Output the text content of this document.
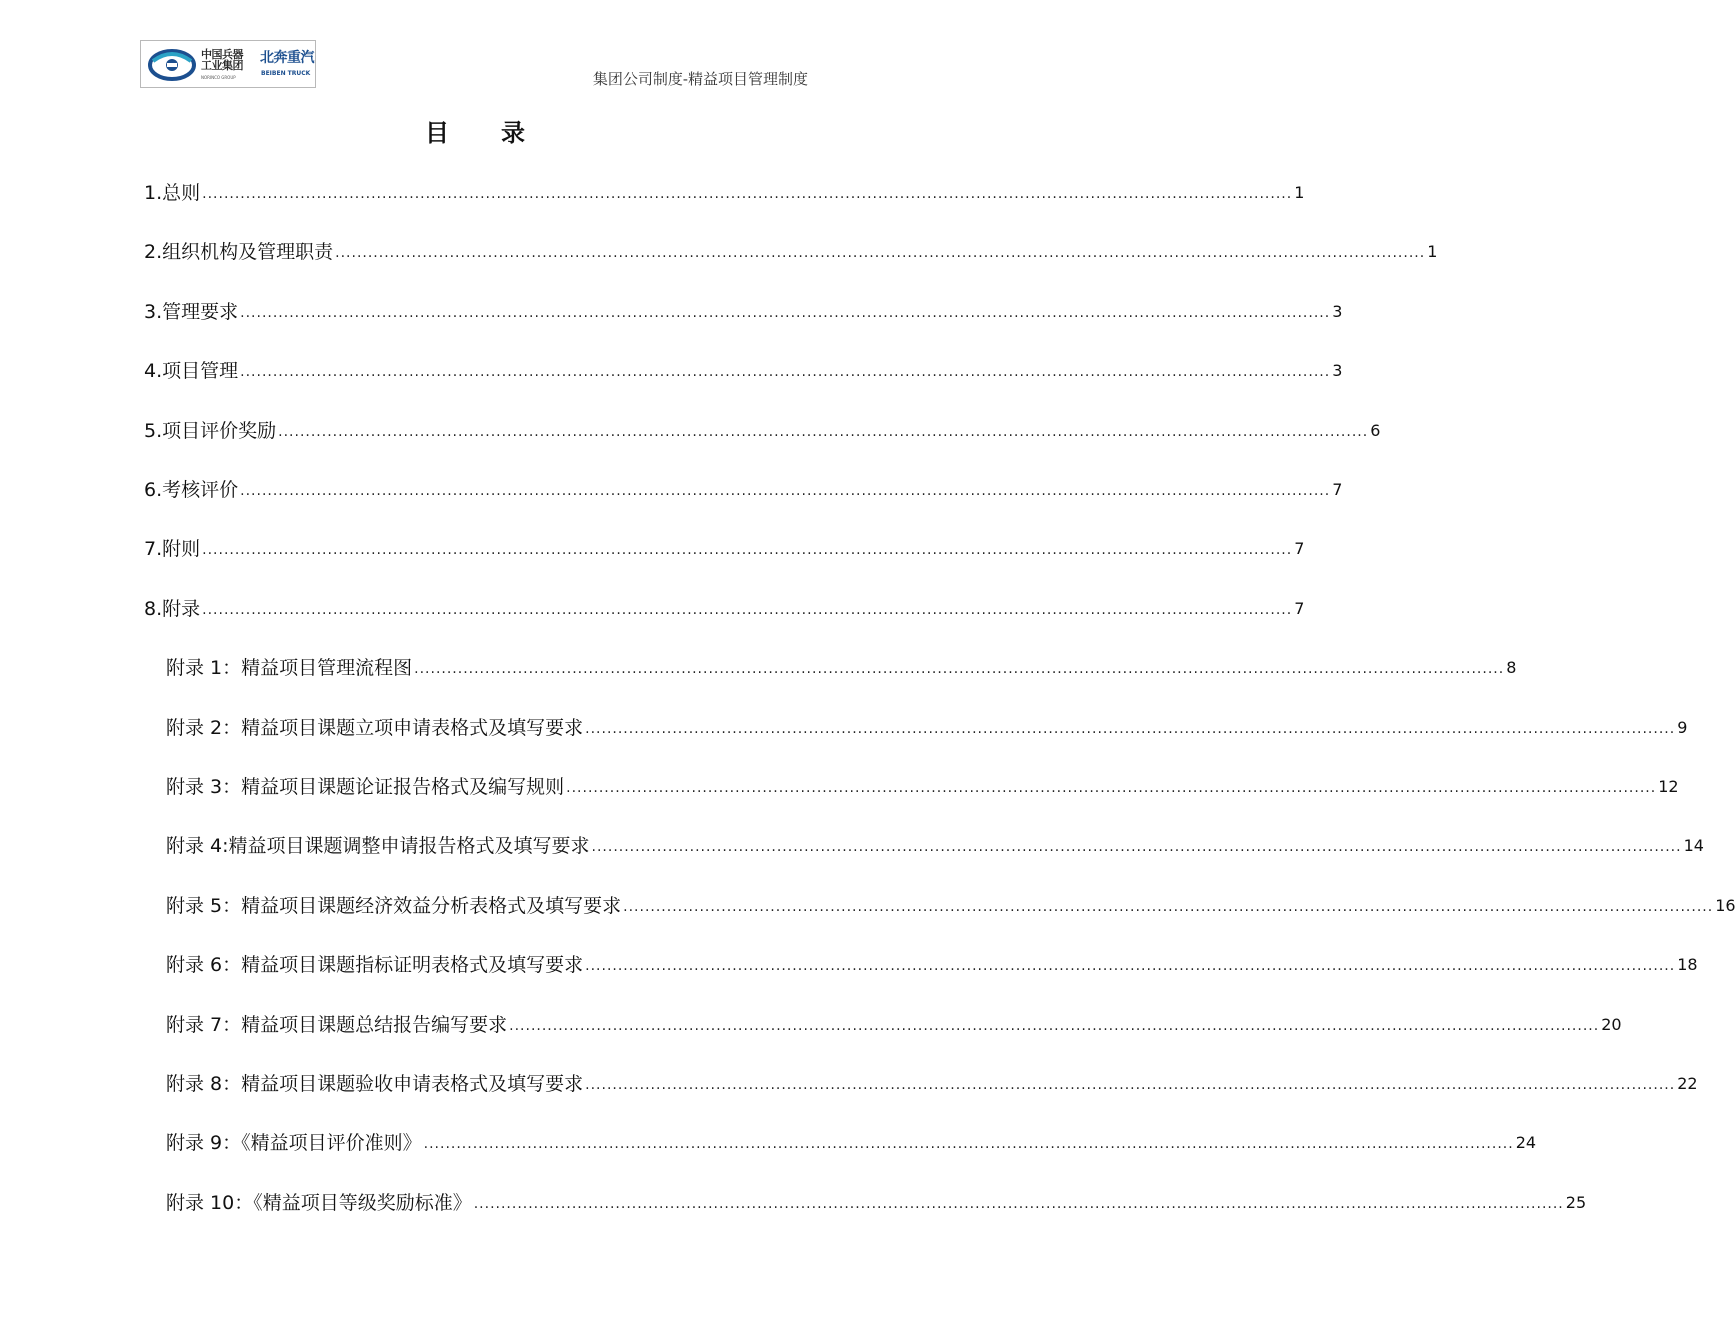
中国兵器
工业集团 北奔重汽
NORINCO GROUP
BEIBEN TRUCK	集团公司制度-精益项目管理制度
目录
1.总则 ........................................................................................................................................................................................................ 1
2.组织机构及管理职责 ........................................................................................................................................................................................................ 1
3.管理要求 ........................................................................................................................................................................................................ 3
4.项目管理 ........................................................................................................................................................................................................ 3
5.项目评价奖励 ........................................................................................................................................................................................................ 6
6.考核评价 ........................................................................................................................................................................................................ 7
7.附则 ........................................................................................................................................................................................................ 7
8.附录 ........................................................................................................................................................................................................ 7
附录 1：精益项目管理流程图 ........................................................................................................................................................................................................ 8
附录 2：精益项目课题立项申请表格式及填写要求 ........................................................................................................................................................................................................ 9
附录 3：精益项目课题论证报告格式及编写规则 ........................................................................................................................................................................................................ 12
附录 4:精益项目课题调整申请报告格式及填写要求 ........................................................................................................................................................................................................ 14
附录 5：精益项目课题经济效益分析表格式及填写要求 ........................................................................................................................................................................................................ 16
附录 6：精益项目课题指标证明表格式及填写要求 ........................................................................................................................................................................................................ 18
附录 7：精益项目课题总结报告编写要求 ........................................................................................................................................................................................................ 20
附录 8：精益项目课题验收申请表格式及填写要求 ........................................................................................................................................................................................................ 22
附录 9：《精益项目评价准则》 ........................................................................................................................................................................................................ 24
附录 10：《精益项目等级奖励标准》 ........................................................................................................................................................................................................ 25
